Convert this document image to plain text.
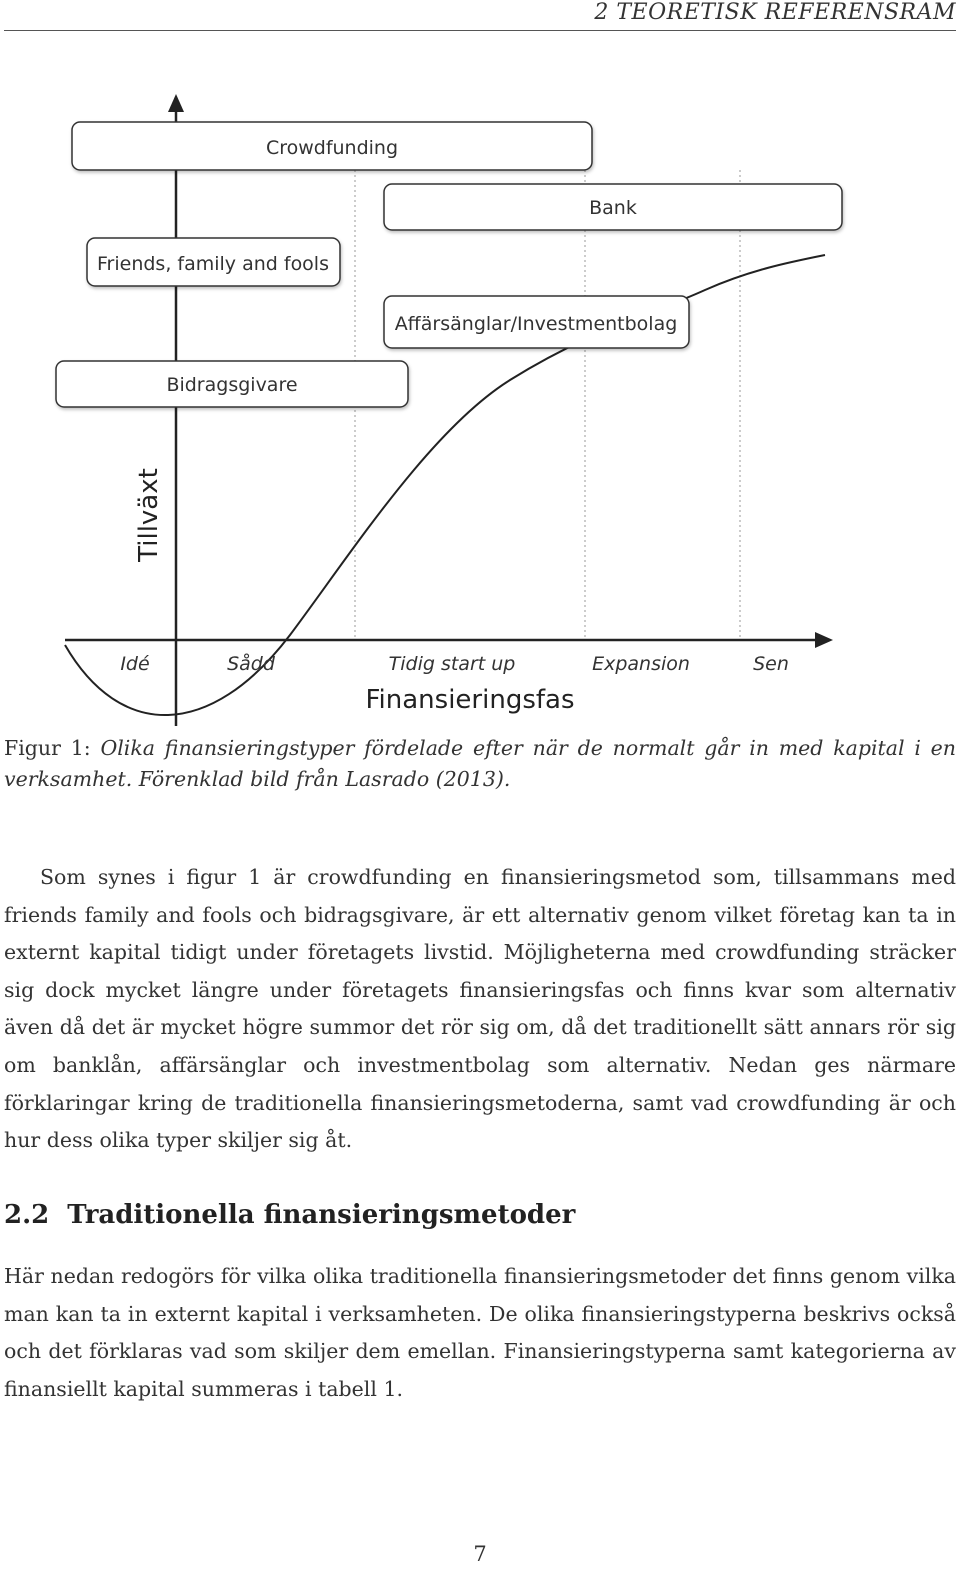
2 TEORETISK REFERENSRAM
Crowdfunding
Bank
Friends, family and fools
Affärsänglar/Investmentbolag
Bidragsgivare
Tillväxt
Finansieringsfas
Idé	Sådd	Tidig start up	Expansion	Sen
Figur 1: Olika finansieringstyper fördelade efter när de normalt går in med kapital i en verksamhet. Förenklad bild från Lasrado (2013).
Som synes i figur 1 är crowdfunding en finansieringsmetod som, tillsammans med friends family and fools och bidragsgivare, är ett alternativ genom vilket företag kan ta in externt kapital tidigt under företagets livstid. Möjligheterna med crowdfunding sträcker sig dock mycket längre under företagets finansieringsfas och finns kvar som alternativ även då det är mycket högre summor det rör sig om, då det traditionellt sätt annars rör sig om banklån, affärsänglar och investmentbolag som alternativ. Nedan ges närmare förklaringar kring de traditionella finansieringsmetoderna, samt vad crowdfunding är och hur dess olika typer skiljer sig åt.
2.2 Traditionella finansieringsmetoder
Här nedan redogörs för vilka olika traditionella finansieringsmetoder det finns genom vilka man kan ta in externt kapital i verksamheten. De olika finansieringstyperna beskrivs också och det förklaras vad som skiljer dem emellan. Finansieringstyperna samt kategorierna av finansiellt kapital summeras i tabell 1.
7
